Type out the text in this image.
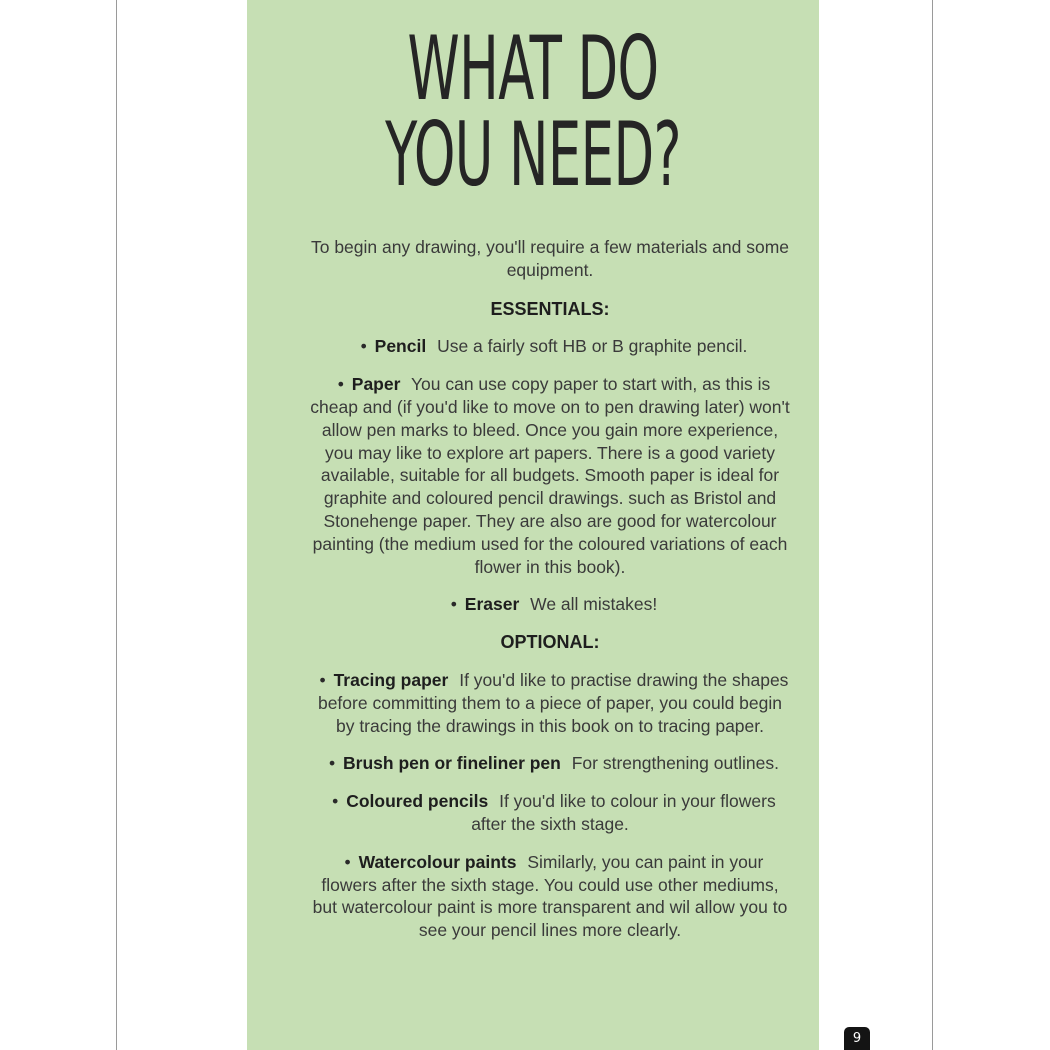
WHAT DO
YOU NEED?

To begin any drawing, you'll require a few materials and some equipment.

ESSENTIALS:

• Pencil Use a fairly soft HB or B graphite pencil.
• Paper You can use copy paper to start with, as this is cheap and (if you'd like to move on to pen drawing later) won't allow pen marks to bleed. Once you gain more experience, you may like to explore art papers. There is a good variety available, suitable for all budgets. Smooth paper is ideal for graphite and coloured pencil drawings. such as Bristol and Stonehenge paper. They are also are good for watercolour painting (the medium used for the coloured variations of each flower in this book).
• Eraser We all mistakes!

OPTIONAL:

• Tracing paper If you'd like to practise drawing the shapes before committing them to a piece of paper, you could begin by tracing the drawings in this book on to tracing paper.
• Brush pen or fineliner pen For strengthening outlines.
• Coloured pencils If you'd like to colour in your flowers after the sixth stage.
• Watercolour paints Similarly, you can paint in your flowers after the sixth stage. You could use other mediums, but watercolour paint is more transparent and wil allow you to see your pencil lines more clearly.
9
